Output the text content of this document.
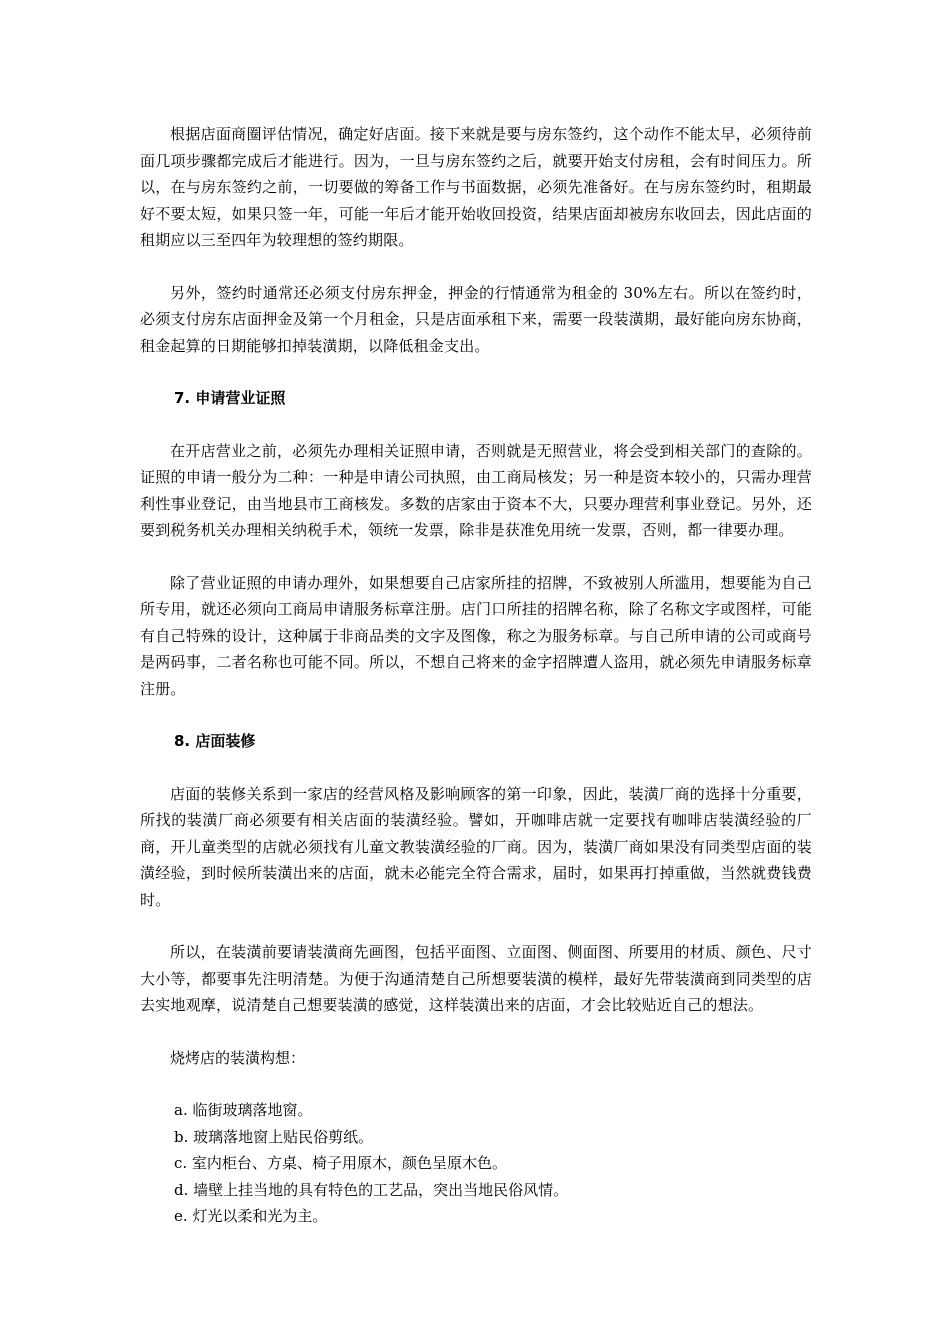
根据店面商圈评估情况，确定好店面。接下来就是要与房东签约，这个动作不能太早，必须待前面几项步骤都完成后才能进行。因为，一旦与房东签约之后，就要开始支付房租，会有时间压力。所以，在与房东签约之前，一切要做的筹备工作与书面数据，必须先准备好。在与房东签约时，租期最好不要太短，如果只签一年，可能一年后才能开始收回投资，结果店面却被房东收回去，因此店面的租期应以三至四年为较理想的签约期限。

另外，签约时通常还必须支付房东押金，押金的行情通常为租金的 30%左右。所以在签约时，必须支付房东店面押金及第一个月租金，只是店面承租下来，需要一段装潢期，最好能向房东协商，租金起算的日期能够扣掉装潢期，以降低租金支出。

7. 申请营业证照

在开店营业之前，必须先办理相关证照申请，否则就是无照营业，将会受到相关部门的查除的。证照的申请一般分为二种：一种是申请公司执照，由工商局核发；另一种是资本较小的，只需办理营利性事业登记，由当地县市工商核发。多数的店家由于资本不大，只要办理营利事业登记。另外，还要到税务机关办理相关纳税手术，领统一发票，除非是获准免用统一发票，否则，都一律要办理。

除了营业证照的申请办理外，如果想要自己店家所挂的招牌，不致被别人所滥用，想要能为自己所专用，就还必须向工商局申请服务标章注册。店门口所挂的招牌名称，除了名称文字或图样，可能有自己特殊的设计，这种属于非商品类的文字及图像，称之为服务标章。与自己所申请的公司或商号是两码事，二者名称也可能不同。所以，不想自己将来的金字招牌遭人盗用，就必须先申请服务标章注册。

8. 店面装修

店面的装修关系到一家店的经营风格及影响顾客的第一印象，因此，装潢厂商的选择十分重要，所找的装潢厂商必须要有相关店面的装潢经验。譬如，开咖啡店就一定要找有咖啡店装潢经验的厂商，开儿童类型的店就必须找有儿童文教装潢经验的厂商。因为，装潢厂商如果没有同类型店面的装潢经验，到时候所装潢出来的店面，就未必能完全符合需求，届时，如果再打掉重做，当然就费钱费时。

所以，在装潢前要请装潢商先画图，包括平面图、立面图、侧面图、所要用的材质、颜色、尺寸大小等，都要事先注明清楚。为便于沟通清楚自己所想要装潢的模样，最好先带装潢商到同类型的店去实地观摩，说清楚自己想要装潢的感觉，这样装潢出来的店面，才会比较贴近自己的想法。

烧烤店的装潢构想：

a. 临街玻璃落地窗。
b. 玻璃落地窗上贴民俗剪纸。
c. 室内柜台、方桌、椅子用原木，颜色呈原木色。
d. 墙壁上挂当地的具有特色的工艺品，突出当地民俗风情。
e. 灯光以柔和光为主。
